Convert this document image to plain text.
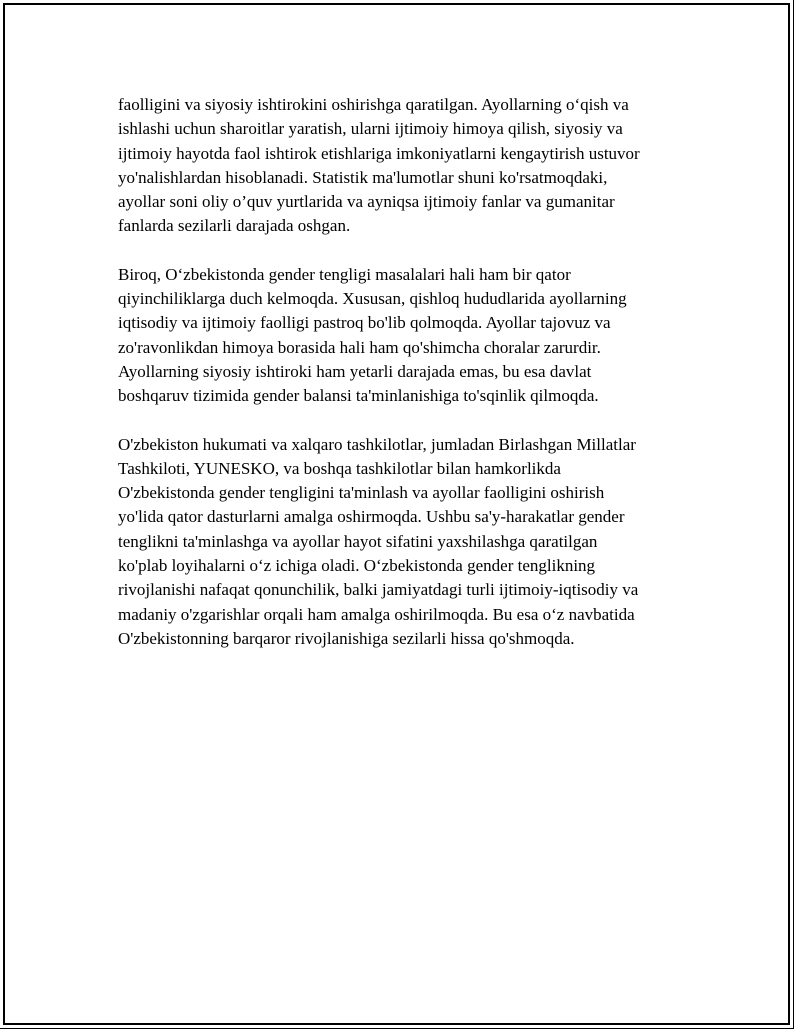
faolligini va siyosiy ishtirokini oshirishga qaratilgan. Ayollarning o‘qish va
ishlashi uchun sharoitlar yaratish, ularni ijtimoiy himoya qilish, siyosiy va
ijtimoiy hayotda faol ishtirok etishlariga imkoniyatlarni kengaytirish ustuvor
yo'nalishlardan hisoblanadi. Statistik ma'lumotlar shuni ko'rsatmoqdaki,
ayollar soni oliy o’quv yurtlarida va ayniqsa ijtimoiy fanlar va gumanitar
fanlarda sezilarli darajada oshgan.

Biroq, O‘zbekistonda gender tengligi masalalari hali ham bir qator
qiyinchiliklarga duch kelmoqda. Xususan, qishloq hududlarida ayollarning
iqtisodiy va ijtimoiy faolligi pastroq bo'lib qolmoqda. Ayollar tajovuz va
zo'ravonlikdan himoya borasida hali ham qo'shimcha choralar zarurdir.
Ayollarning siyosiy ishtiroki ham yetarli darajada emas, bu esa davlat
boshqaruv tizimida gender balansi ta'minlanishiga to'sqinlik qilmoqda.

O'zbekiston hukumati va xalqaro tashkilotlar, jumladan Birlashgan Millatlar
Tashkiloti, YUNESKO, va boshqa tashkilotlar bilan hamkorlikda
O'zbekistonda gender tengligini ta'minlash va ayollar faolligini oshirish
yo'lida qator dasturlarni amalga oshirmoqda. Ushbu sa'y-harakatlar gender
tenglikni ta'minlashga va ayollar hayot sifatini yaxshilashga qaratilgan
ko'plab loyihalarni o‘z ichiga oladi. O‘zbekistonda gender tenglikning
rivojlanishi nafaqat qonunchilik, balki jamiyatdagi turli ijtimoiy-iqtisodiy va
madaniy o'zgarishlar orqali ham amalga oshirilmoqda. Bu esa o‘z navbatida
O'zbekistonning barqaror rivojlanishiga sezilarli hissa qo'shmoqda.
